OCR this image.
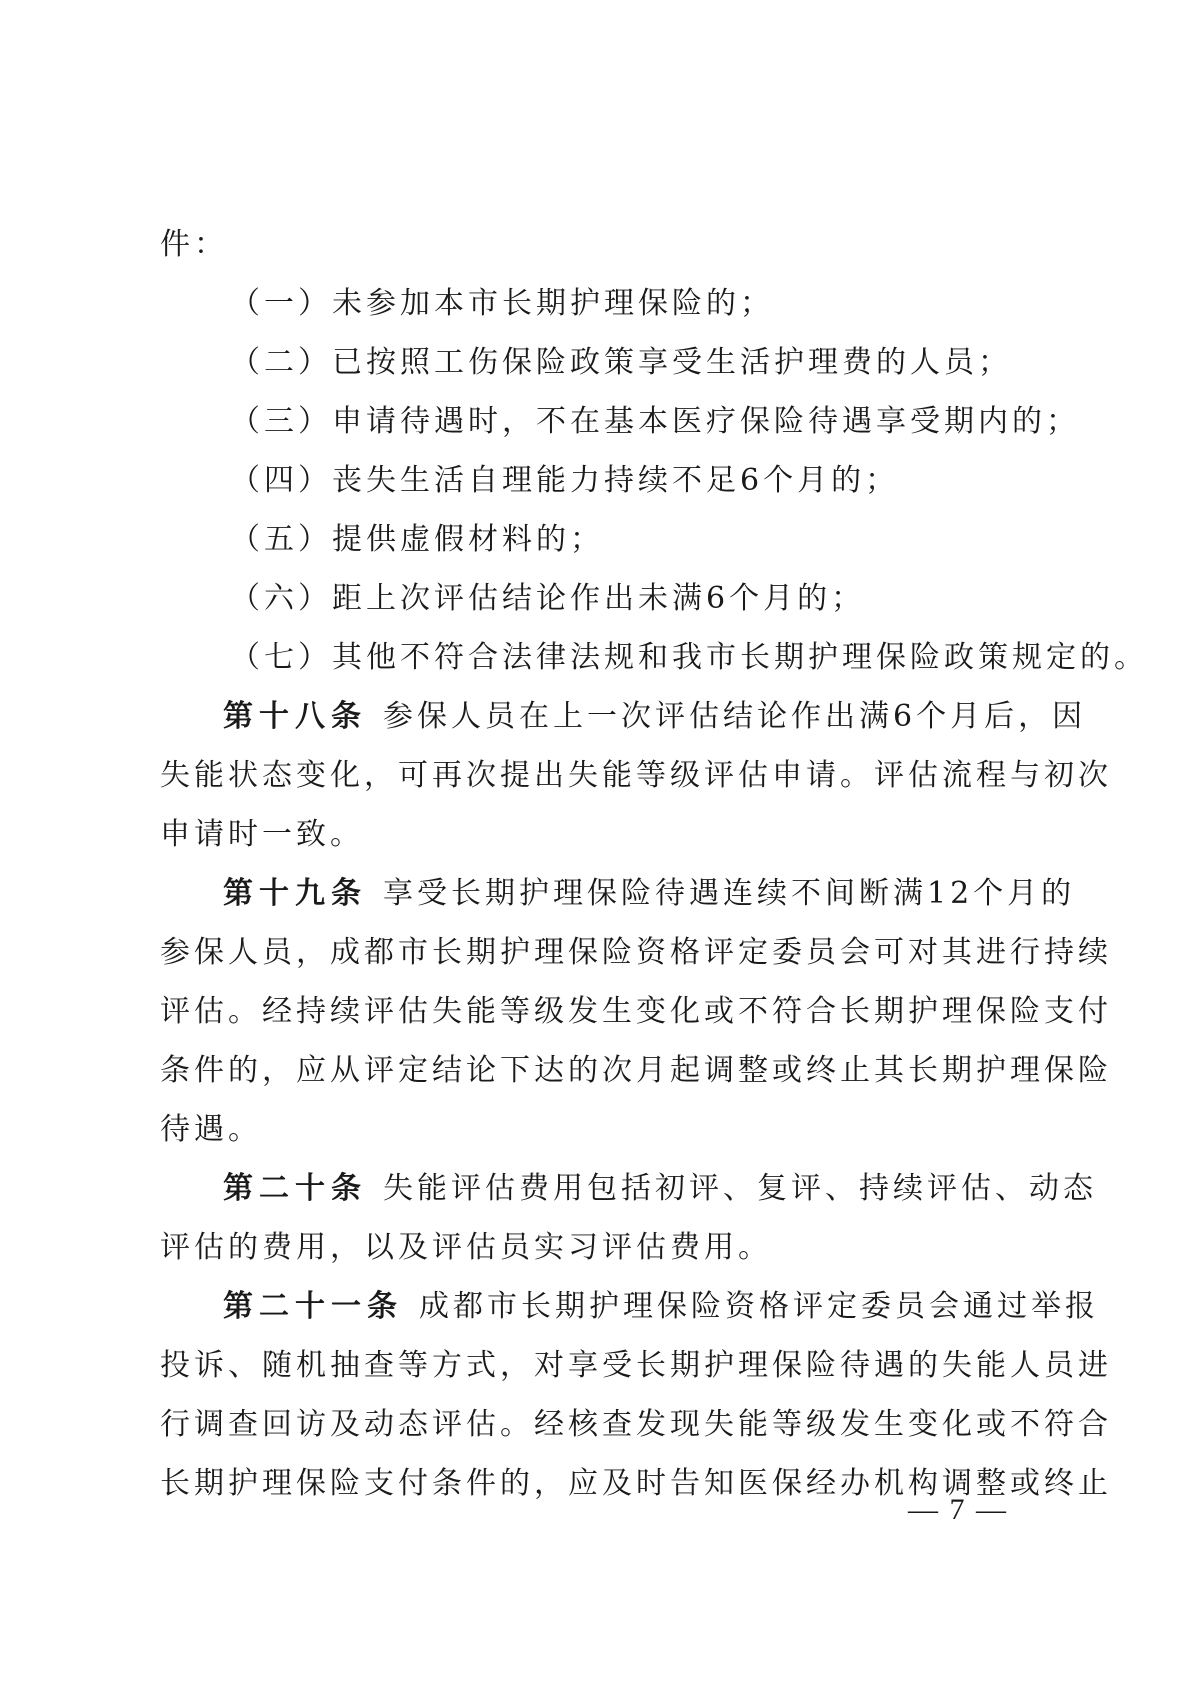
件：
（一）未参加本市长期护理保险的；
（二）已按照工伤保险政策享受生活护理费的人员；
（三）申请待遇时，不在基本医疗保险待遇享受期内的；
（四）丧失生活自理能力持续不足6个月的；
（五）提供虚假材料的；
（六）距上次评估结论作出未满6个月的；
（七）其他不符合法律法规和我市长期护理保险政策规定的。
第十八条 参保人员在上一次评估结论作出满6个月后，因
失能状态变化，可再次提出失能等级评估申请。评估流程与初次
申请时一致。
第十九条 享受长期护理保险待遇连续不间断满12个月的
参保人员，成都市长期护理保险资格评定委员会可对其进行持续
评估。经持续评估失能等级发生变化或不符合长期护理保险支付
条件的，应从评定结论下达的次月起调整或终止其长期护理保险
待遇。
第二十条 失能评估费用包括初评、复评、持续评估、动态
评估的费用，以及评估员实习评估费用。
第二十一条 成都市长期护理保险资格评定委员会通过举报
投诉、随机抽查等方式，对享受长期护理保险待遇的失能人员进
行调查回访及动态评估。经核查发现失能等级发生变化或不符合
长期护理保险支付条件的，应及时告知医保经办机构调整或终止
— 7 —
